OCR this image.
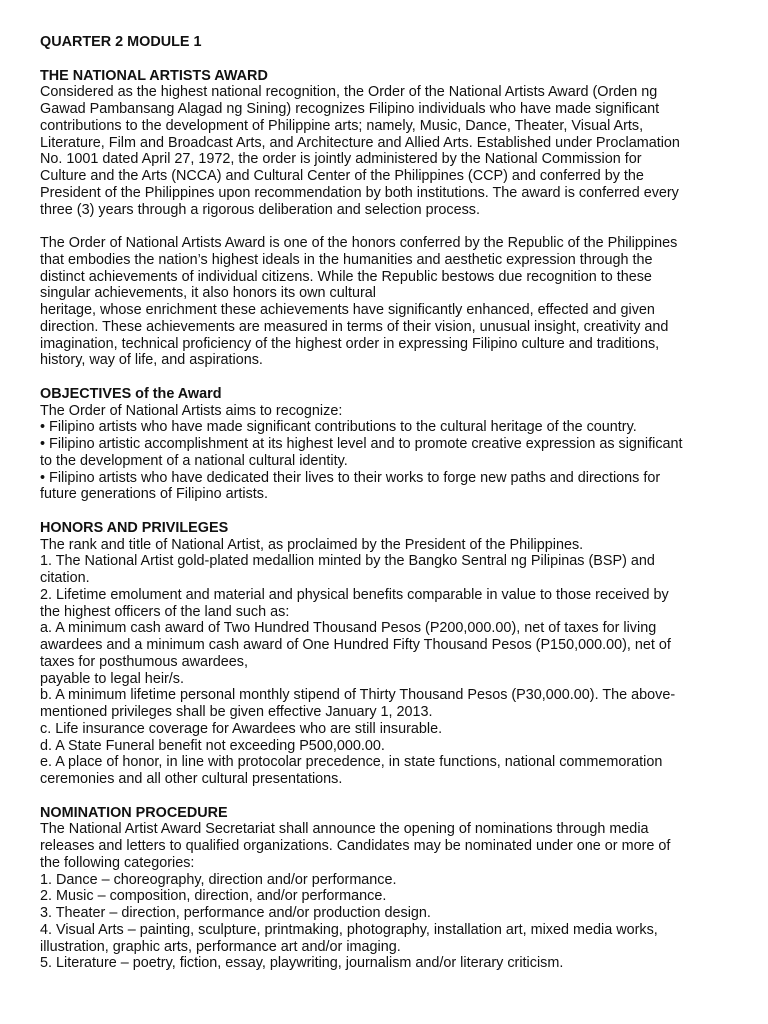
QUARTER 2 MODULE 1
THE NATIONAL ARTISTS AWARD
Considered as the highest national recognition, the Order of the National Artists Award (Orden ng
Gawad Pambansang Alagad ng Sining) recognizes Filipino individuals who have made significant
contributions to the development of Philippine arts; namely, Music, Dance, Theater, Visual Arts,
Literature, Film and Broadcast Arts, and Architecture and Allied Arts. Established under Proclamation
No. 1001 dated April 27, 1972, the order is jointly administered by the National Commission for
Culture and the Arts (NCCA) and Cultural Center of the Philippines (CCP) and conferred by the
President of the Philippines upon recommendation by both institutions. The award is conferred every
three (3) years through a rigorous deliberation and selection process.
The Order of National Artists Award is one of the honors conferred by the Republic of the Philippines
that embodies the nation’s highest ideals in the humanities and aesthetic expression through the
distinct achievements of individual citizens. While the Republic bestows due recognition to these
singular achievements, it also honors its own cultural
heritage, whose enrichment these achievements have significantly enhanced, effected and given
direction. These achievements are measured in terms of their vision, unusual insight, creativity and
imagination, technical proficiency of the highest order in expressing Filipino culture and traditions,
history, way of life, and aspirations.
OBJECTIVES of the Award
The Order of National Artists aims to recognize:
• Filipino artists who have made significant contributions to the cultural heritage of the country.
• Filipino artistic accomplishment at its highest level and to promote creative expression as significant
to the development of a national cultural identity.
• Filipino artists who have dedicated their lives to their works to forge new paths and directions for
future generations of Filipino artists.
HONORS AND PRIVILEGES
The rank and title of National Artist, as proclaimed by the President of the Philippines.
1. The National Artist gold-plated medallion minted by the Bangko Sentral ng Pilipinas (BSP) and
citation.
2. Lifetime emolument and material and physical benefits comparable in value to those received by
the highest officers of the land such as:
a. A minimum cash award of Two Hundred Thousand Pesos (P200,000.00), net of taxes for living
awardees and a minimum cash award of One Hundred Fifty Thousand Pesos (P150,000.00), net of
taxes for posthumous awardees,
payable to legal heir/s.
b. A minimum lifetime personal monthly stipend of Thirty Thousand Pesos (P30,000.00). The above-
mentioned privileges shall be given effective January 1, 2013.
c. Life insurance coverage for Awardees who are still insurable.
d. A State Funeral benefit not exceeding P500,000.00.
e. A place of honor, in line with protocolar precedence, in state functions, national commemoration
ceremonies and all other cultural presentations.
NOMINATION PROCEDURE
The National Artist Award Secretariat shall announce the opening of nominations through media
releases and letters to qualified organizations. Candidates may be nominated under one or more of
the following categories:
1. Dance – choreography, direction and/or performance.
2. Music – composition, direction, and/or performance.
3. Theater – direction, performance and/or production design.
4. Visual Arts – painting, sculpture, printmaking, photography, installation art, mixed media works,
illustration, graphic arts, performance art and/or imaging.
5. Literature – poetry, fiction, essay, playwriting, journalism and/or literary criticism.
